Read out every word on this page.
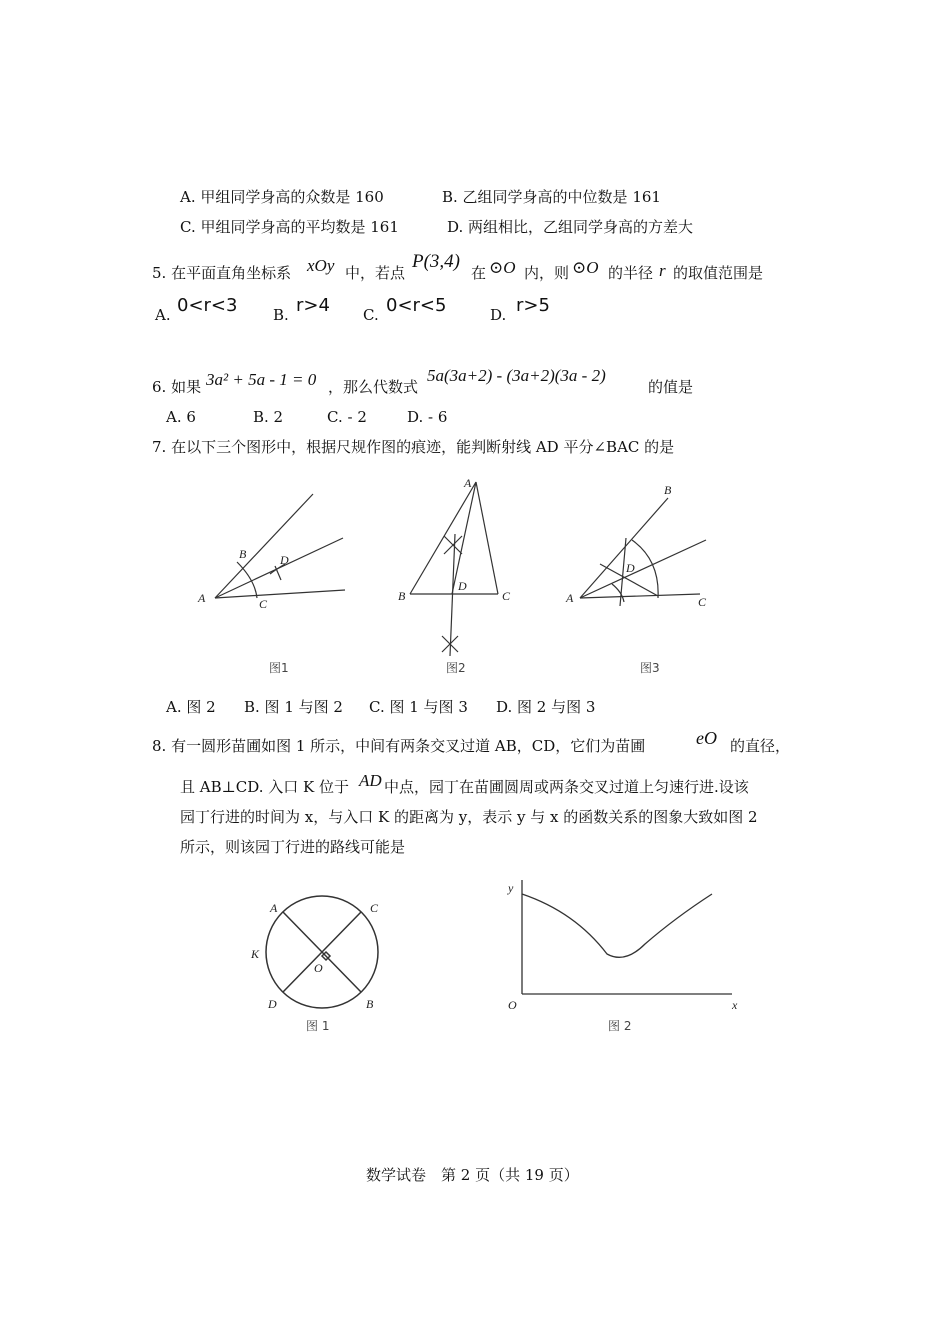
A. 甲组同学身高的众数是 160	B. 乙组同学身高的中位数是 161
C. 甲组同学身高的平均数是 161	D. 两组相比，乙组同学身高的方差大
5. 在平面直角坐标系 xOy 中，若点
P(3,4)
在 ⊙O 内，则 ⊙O 的半径 r 的取值范围是
A. 0<r<3 B. r>4 C. 0<r<5	D. r>5
6. 如果 3a² + 5a - 1 = 0 ，那么代数式
5a(3a+2) - (3a+2)(3a - 2)
的值是
A. 6	B. 2	C. - 2	D. - 6
7. 在以下三个图形中，根据尺规作图的痕迹，能判断射线 AD 平分∠BAC 的是
A
B	D
C
图1
A
B	C
D
图2
A
B
C
D
图3
A. 图 2 B. 图 1 与图 2 C. 图 1 与图 3 D. 图 2 与图 3
8. 有一圆形苗圃如图 1 所示，中间有两条交叉过道 AB，CD，它们为苗圃	eO 的直径，
且 AB⊥CD. 入口 K 位于 AD 中点，园丁在苗圃圆周或两条交叉过道上匀速行进.设该
园丁行进的时间为 x，与入口 K 的距离为 y，表示 y 与 x 的函数关系的图象大致如图 2
所示，则该园丁行进的路线可能是
A	C
K
O
D	B
图 1
y
O	x
图 2
数学试卷　第 2 页（共 19 页）
